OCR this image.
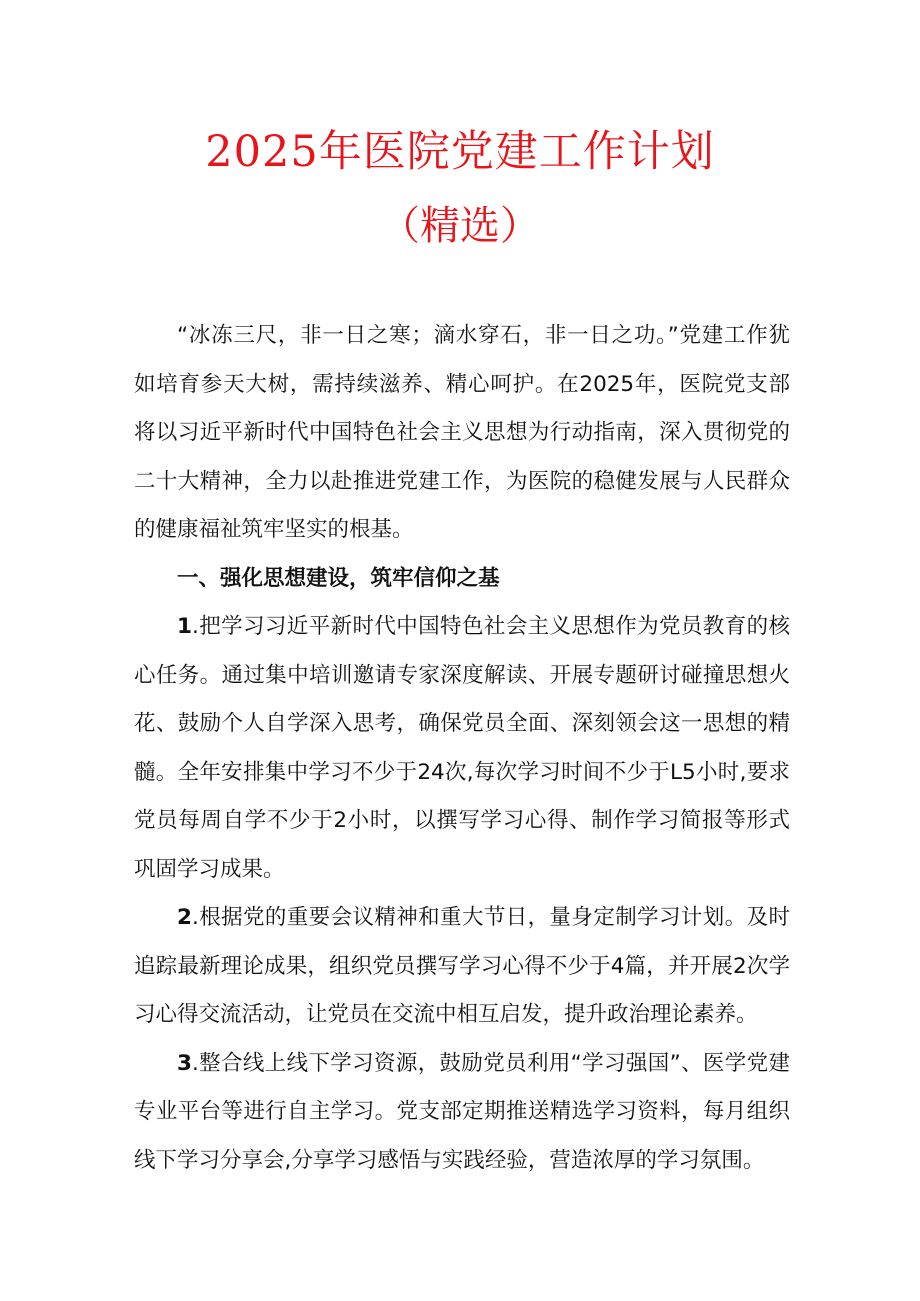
2025年医院党建工作计划
（精选）

“冰冻三尺，非一日之寒；滴水穿石，非一日之功。”党建工作犹如培育参天大树，需持续滋养、精心呵护。在2025年，医院党支部将以习近平新时代中国特色社会主义思想为行动指南，深入贯彻党的二十大精神，全力以赴推进党建工作，为医院的稳健发展与人民群众的健康福祉筑牢坚实的根基。

一、强化思想建设，筑牢信仰之基

1.把学习习近平新时代中国特色社会主义思想作为党员教育的核心任务。通过集中培训邀请专家深度解读、开展专题研讨碰撞思想火花、鼓励个人自学深入思考，确保党员全面、深刻领会这一思想的精髓。全年安排集中学习不少于24次,每次学习时间不少于L5小时,要求党员每周自学不少于2小时，以撰写学习心得、制作学习简报等形式巩固学习成果。

2.根据党的重要会议精神和重大节日，量身定制学习计划。及时追踪最新理论成果，组织党员撰写学习心得不少于4篇，并开展2次学习心得交流活动，让党员在交流中相互启发，提升政治理论素养。

3.整合线上线下学习资源，鼓励党员利用“学习强国”、医学党建专业平台等进行自主学习。党支部定期推送精选学习资料，每月组织线下学习分享会,分享学习感悟与实践经验，营造浓厚的学习氛围。
